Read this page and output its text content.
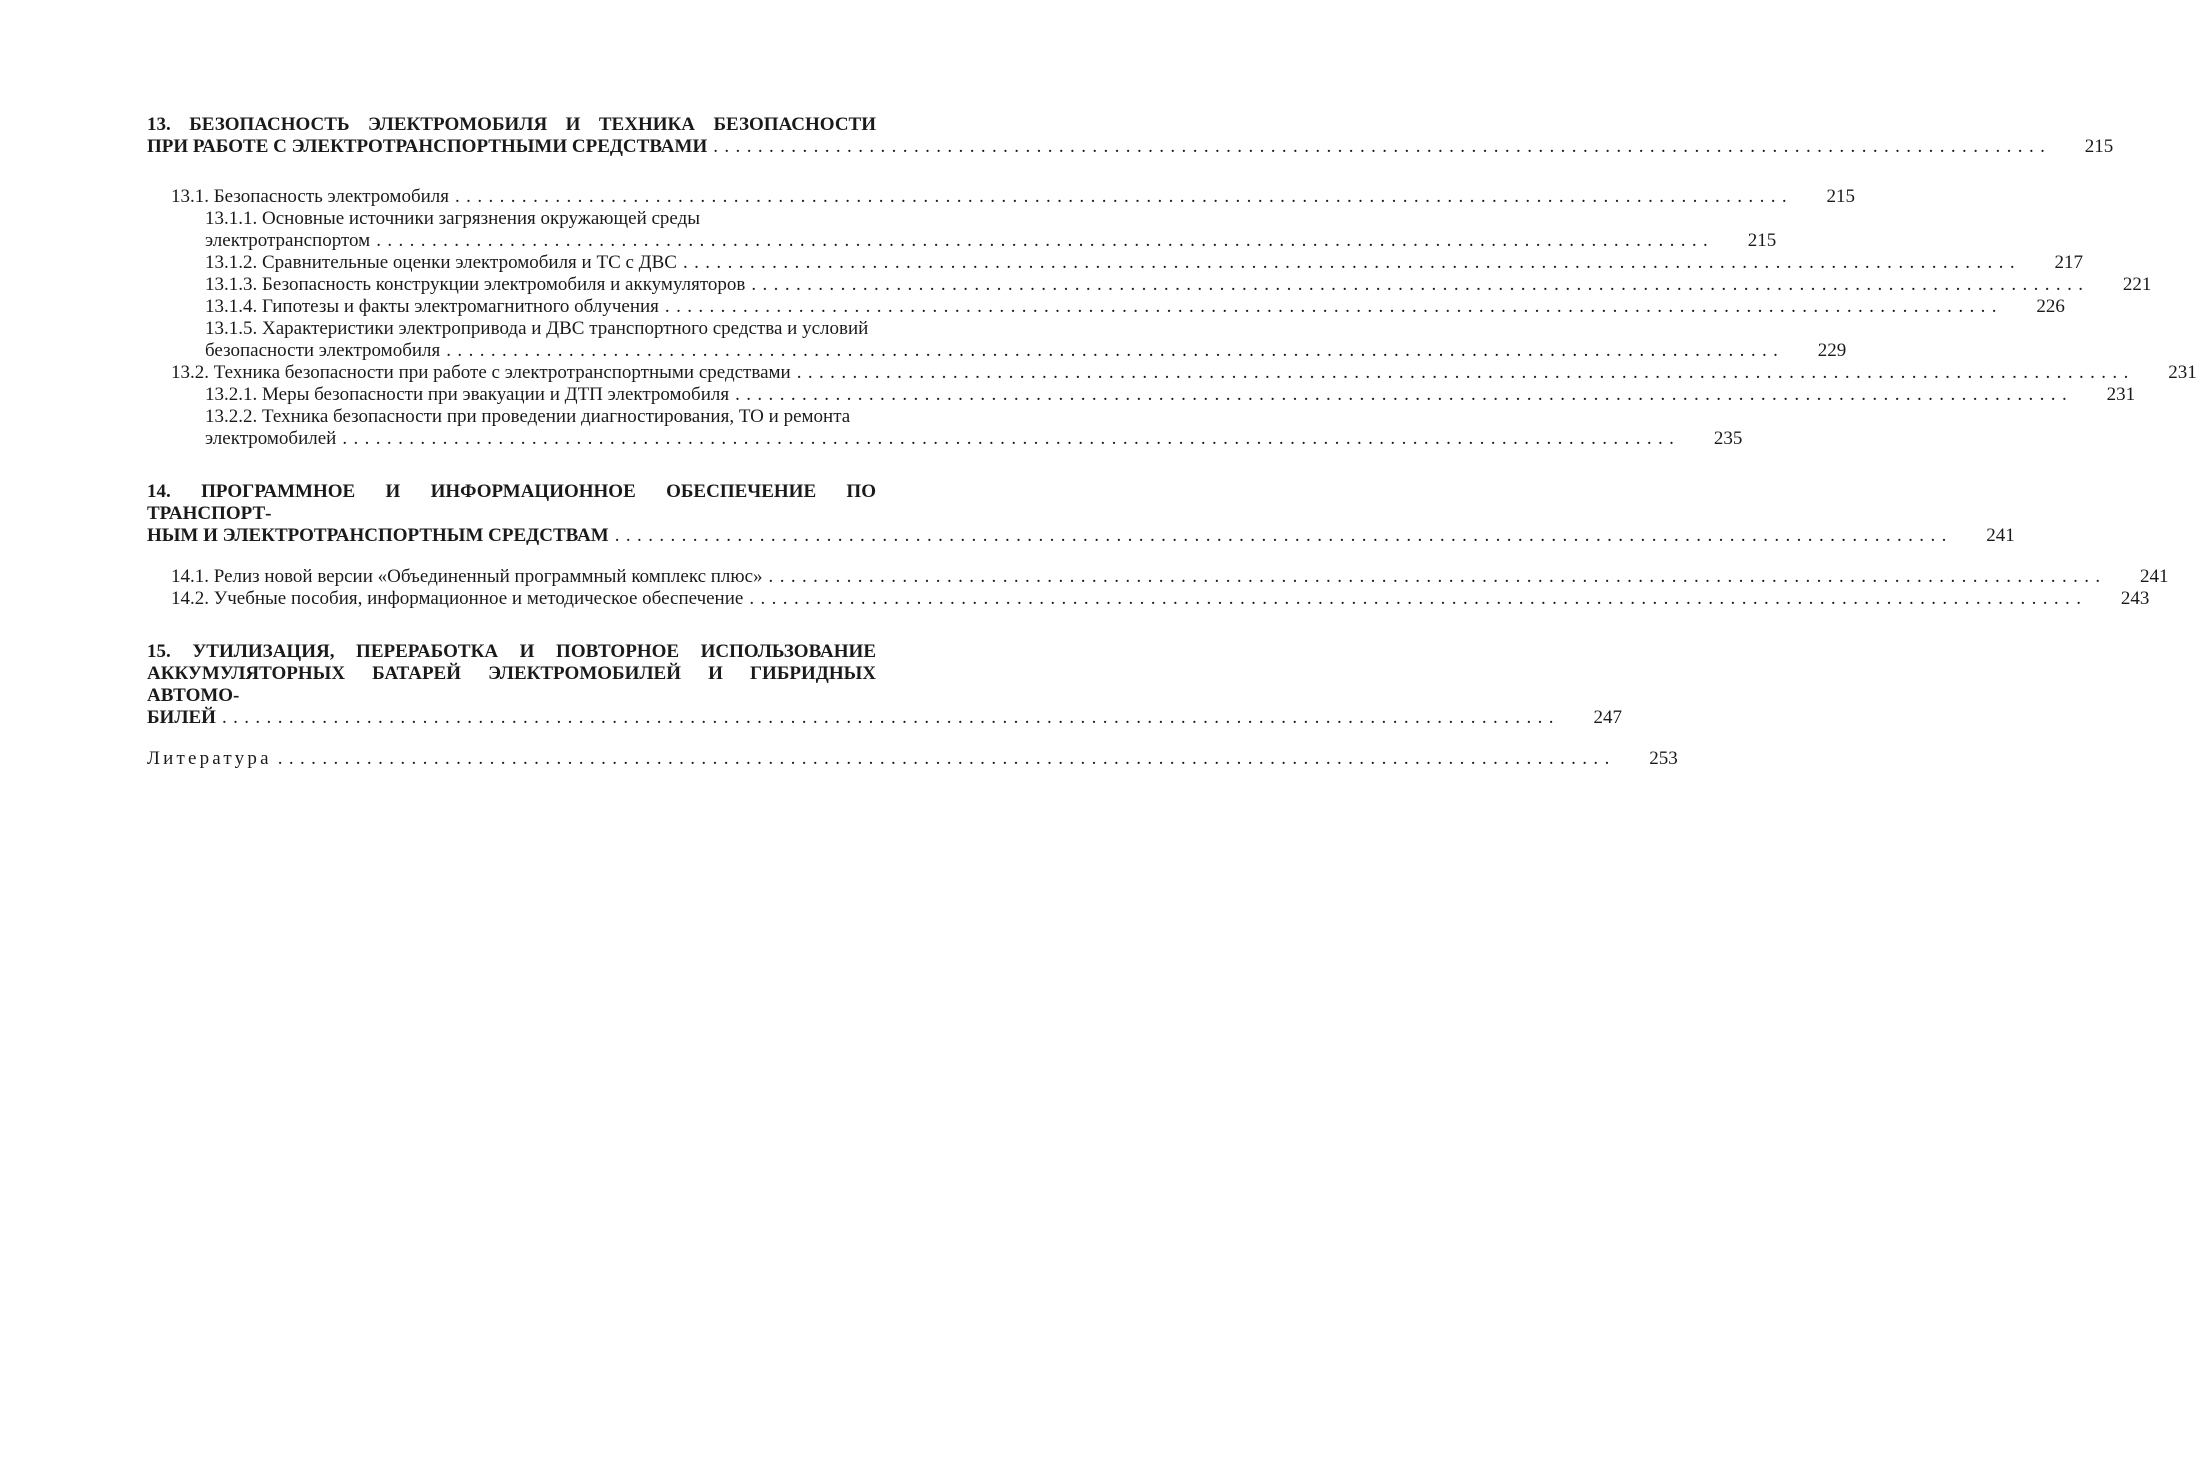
13. БЕЗОПАСНОСТЬ ЭЛЕКТРОМОБИЛЯ И ТЕХНИКА БЕЗОПАСНОСТИ
ПРИ РАБОТЕ С ЭЛЕКТРОТРАНСПОРТНЫМИ СРЕДСТВАМИ ........................................................................................................................	215
13.1. Безопасность электромобиля ........................................................................................................................	215
13.1.1. Основные источники загрязнения окружающей среды
электротранспортом ........................................................................................................................	215
13.1.2. Сравнительные оценки электромобиля и ТС с ДВС ........................................................................................................................	217
13.1.3. Безопасность конструкции электромобиля и аккумуляторов ........................................................................................................................	221
13.1.4. Гипотезы и факты электромагнитного облучения ........................................................................................................................	226
13.1.5. Характеристики электропривода и ДВС транспортного средства и условий
безопасности электромобиля ........................................................................................................................	229
13.2. Техника безопасности при работе с электротранспортными средствами ........................................................................................................................	231
13.2.1. Меры безопасности при эвакуации и ДТП электромобиля ........................................................................................................................	231
13.2.2. Техника безопасности при проведении диагностирования, ТО и ремонта
электромобилей ........................................................................................................................	235
14. ПРОГРАММНОЕ И ИНФОРМАЦИОННОЕ ОБЕСПЕЧЕНИЕ ПО ТРАНСПОРТ-
НЫМ И ЭЛЕКТРОТРАНСПОРТНЫМ СРЕДСТВАМ ........................................................................................................................	241
14.1. Релиз новой версии «Объединенный программный комплекс плюс» ........................................................................................................................	241
14.2. Учебные пособия, информационное и методическое обеспечение ........................................................................................................................	243
15. УТИЛИЗАЦИЯ, ПЕРЕРАБОТКА И ПОВТОРНОЕ ИСПОЛЬЗОВАНИЕ
АККУМУЛЯТОРНЫХ БАТАРЕЙ ЭЛЕКТРОМОБИЛЕЙ И ГИБРИДНЫХ АВТОМО-
БИЛЕЙ ........................................................................................................................	247
Литература ........................................................................................................................	253
